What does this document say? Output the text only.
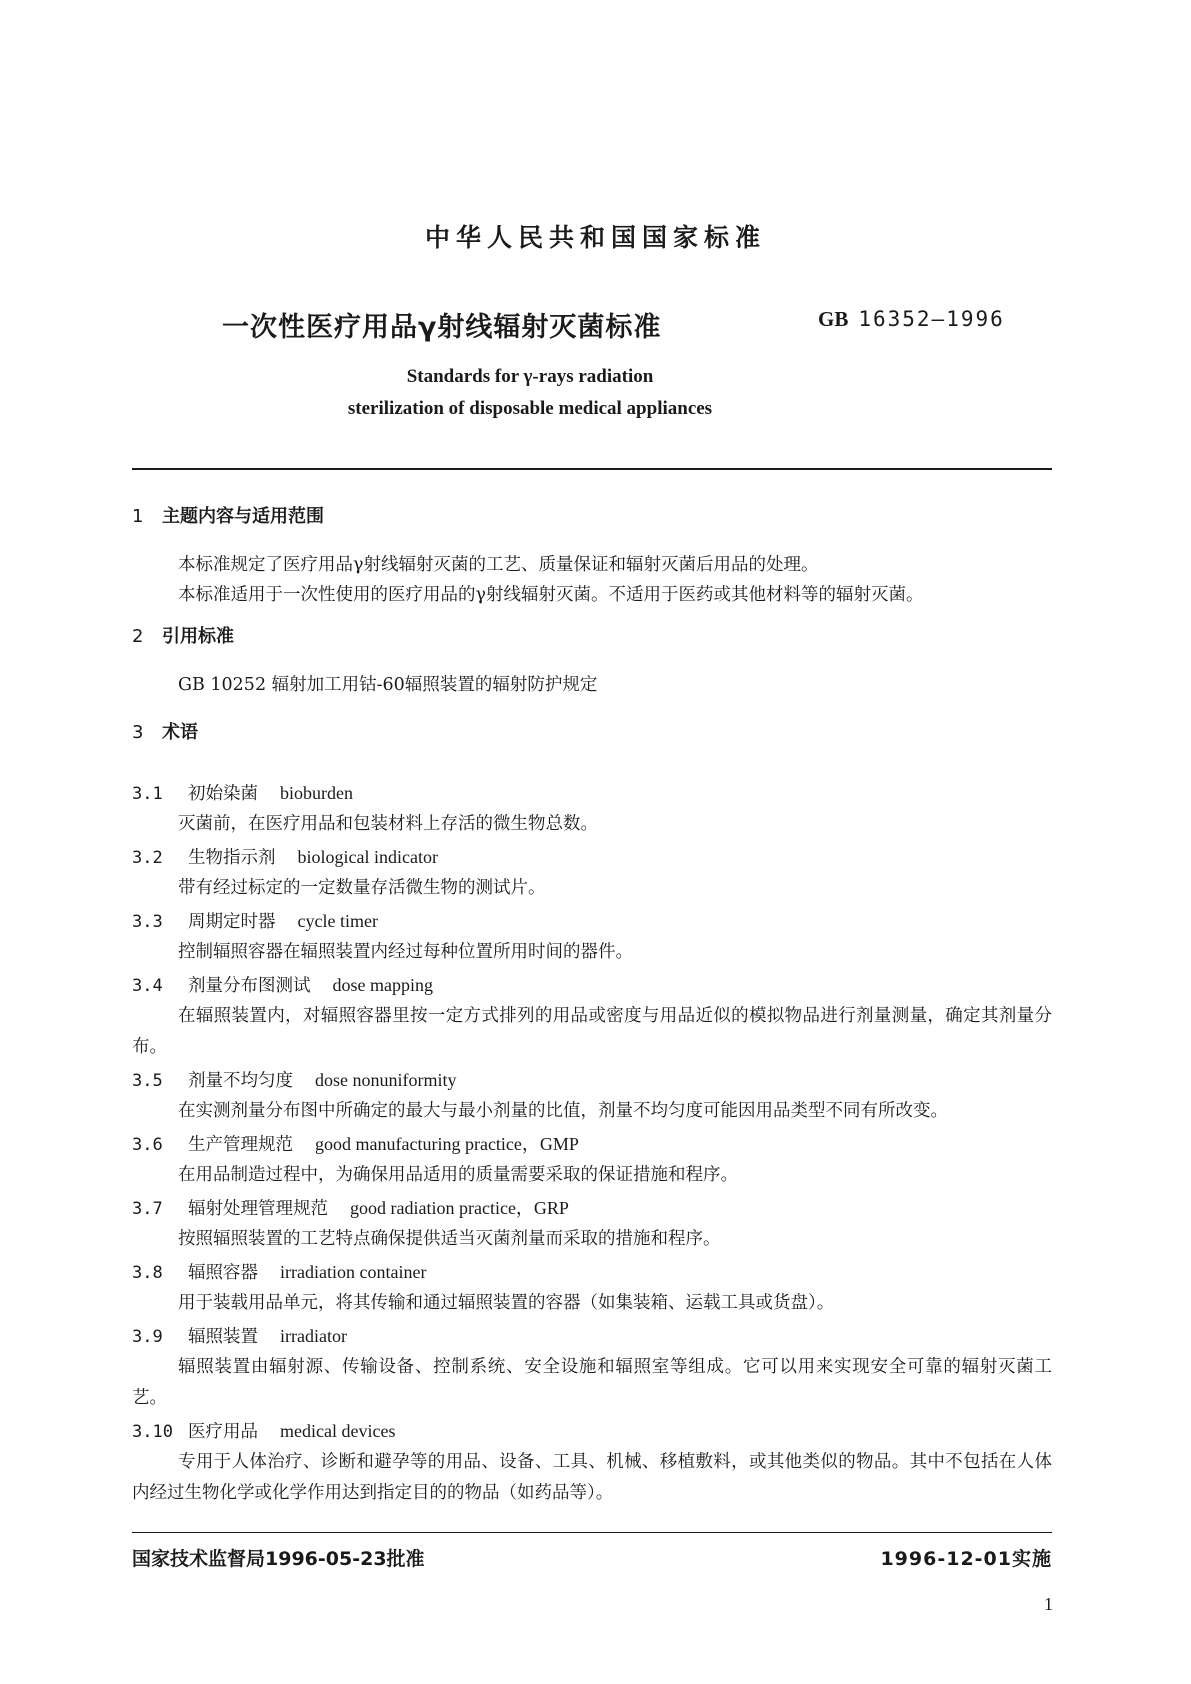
中华人民共和国国家标准
一次性医疗用品γ射线辐射灭菌标准	GB 16352—1996
Standards for γ-rays radiation
sterilization of disposable medical appliances
1 主题内容与适用范围
本标准规定了医疗用品γ射线辐射灭菌的工艺、质量保证和辐射灭菌后用品的处理。
本标准适用于一次性使用的医疗用品的γ射线辐射灭菌。不适用于医药或其他材料等的辐射灭菌。
2 引用标准
GB 10252 辐射加工用钴-60辐照装置的辐射防护规定
3 术语
3.1 初始染菌 bioburden
灭菌前，在医疗用品和包装材料上存活的微生物总数。
3.2 生物指示剂 biological indicator
带有经过标定的一定数量存活微生物的测试片。
3.3 周期定时器 cycle timer
控制辐照容器在辐照装置内经过每种位置所用时间的器件。
3.4 剂量分布图测试 dose mapping
在辐照装置内，对辐照容器里按一定方式排列的用品或密度与用品近似的模拟物品进行剂量测量，确定其剂量分布。
3.5 剂量不均匀度 dose nonuniformity
在实测剂量分布图中所确定的最大与最小剂量的比值，剂量不均匀度可能因用品类型不同有所改变。
3.6 生产管理规范 good manufacturing practice，GMP
在用品制造过程中，为确保用品适用的质量需要采取的保证措施和程序。
3.7 辐射处理管理规范 good radiation practice，GRP
按照辐照装置的工艺特点确保提供适当灭菌剂量而采取的措施和程序。
3.8 辐照容器 irradiation container
用于装载用品单元，将其传输和通过辐照装置的容器（如集装箱、运载工具或货盘）。
3.9 辐照装置 irradiator
辐照装置由辐射源、传输设备、控制系统、安全设施和辐照室等组成。它可以用来实现安全可靠的辐射灭菌工艺。
3.10 医疗用品 medical devices
专用于人体治疗、诊断和避孕等的用品、设备、工具、机械、移植敷料，或其他类似的物品。其中不包括在人体内经过生物化学或化学作用达到指定目的的物品（如药品等）。
国家技术监督局1996-05-23批准	1996-12-01实施
1
